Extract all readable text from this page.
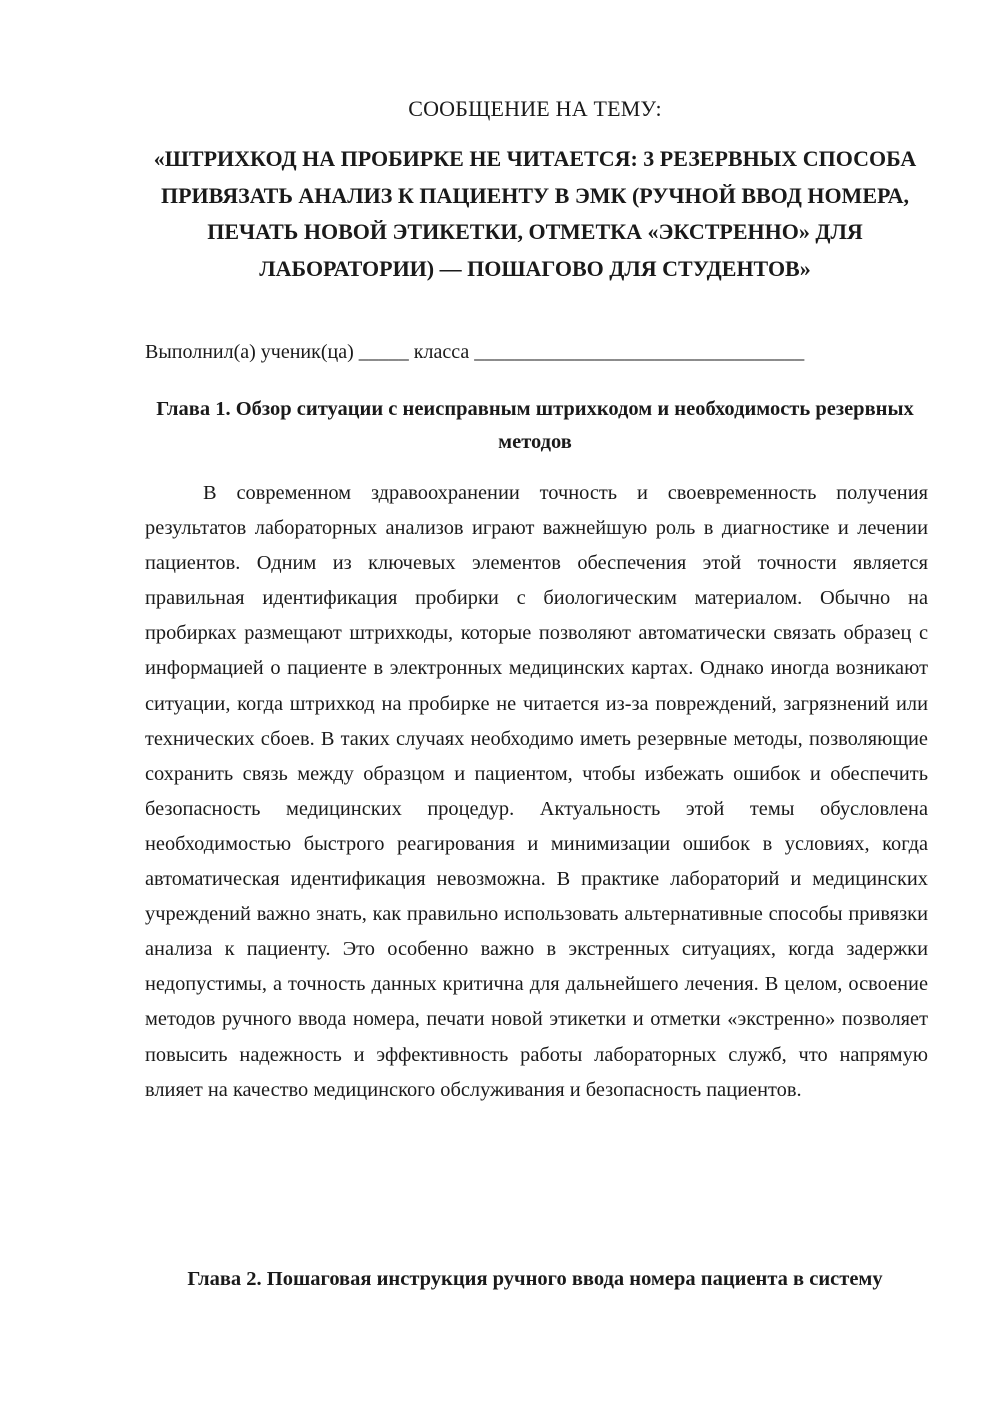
СООБЩЕНИЕ НА ТЕМУ:
«ШТРИХКОД НА ПРОБИРКЕ НЕ ЧИТАЕТСЯ: 3 РЕЗЕРВНЫХ СПОСОБА ПРИВЯЗАТЬ АНАЛИЗ К ПАЦИЕНТУ В ЭМК (РУЧНОЙ ВВОД НОМЕРА, ПЕЧАТЬ НОВОЙ ЭТИКЕТКИ, ОТМЕТКА «ЭКСТРЕННО» ДЛЯ ЛАБОРАТОРИИ) — ПОШАГОВО ДЛЯ СТУДЕНТОВ»
Выполнил(а) ученик(ца) _____ класса _________________________________
Глава 1. Обзор ситуации с неисправным штрихкодом и необходимость резервных методов
В современном здравоохранении точность и своевременность получения результатов лабораторных анализов играют важнейшую роль в диагностике и лечении пациентов. Одним из ключевых элементов обеспечения этой точности является правильная идентификация пробирки с биологическим материалом. Обычно на пробирках размещают штрихкоды, которые позволяют автоматически связать образец с информацией о пациенте в электронных медицинских картах. Однако иногда возникают ситуации, когда штрихкод на пробирке не читается из-за повреждений, загрязнений или технических сбоев. В таких случаях необходимо иметь резервные методы, позволяющие сохранить связь между образцом и пациентом, чтобы избежать ошибок и обеспечить безопасность медицинских процедур. Актуальность этой темы обусловлена необходимостью быстрого реагирования и минимизации ошибок в условиях, когда автоматическая идентификация невозможна. В практике лабораторий и медицинских учреждений важно знать, как правильно использовать альтернативные способы привязки анализа к пациенту. Это особенно важно в экстренных ситуациях, когда задержки недопустимы, а точность данных критична для дальнейшего лечения. В целом, освоение методов ручного ввода номера, печати новой этикетки и отметки «экстренно» позволяет повысить надежность и эффективность работы лабораторных служб, что напрямую влияет на качество медицинского обслуживания и безопасность пациентов.
Глава 2. Пошаговая инструкция ручного ввода номера пациента в систему
